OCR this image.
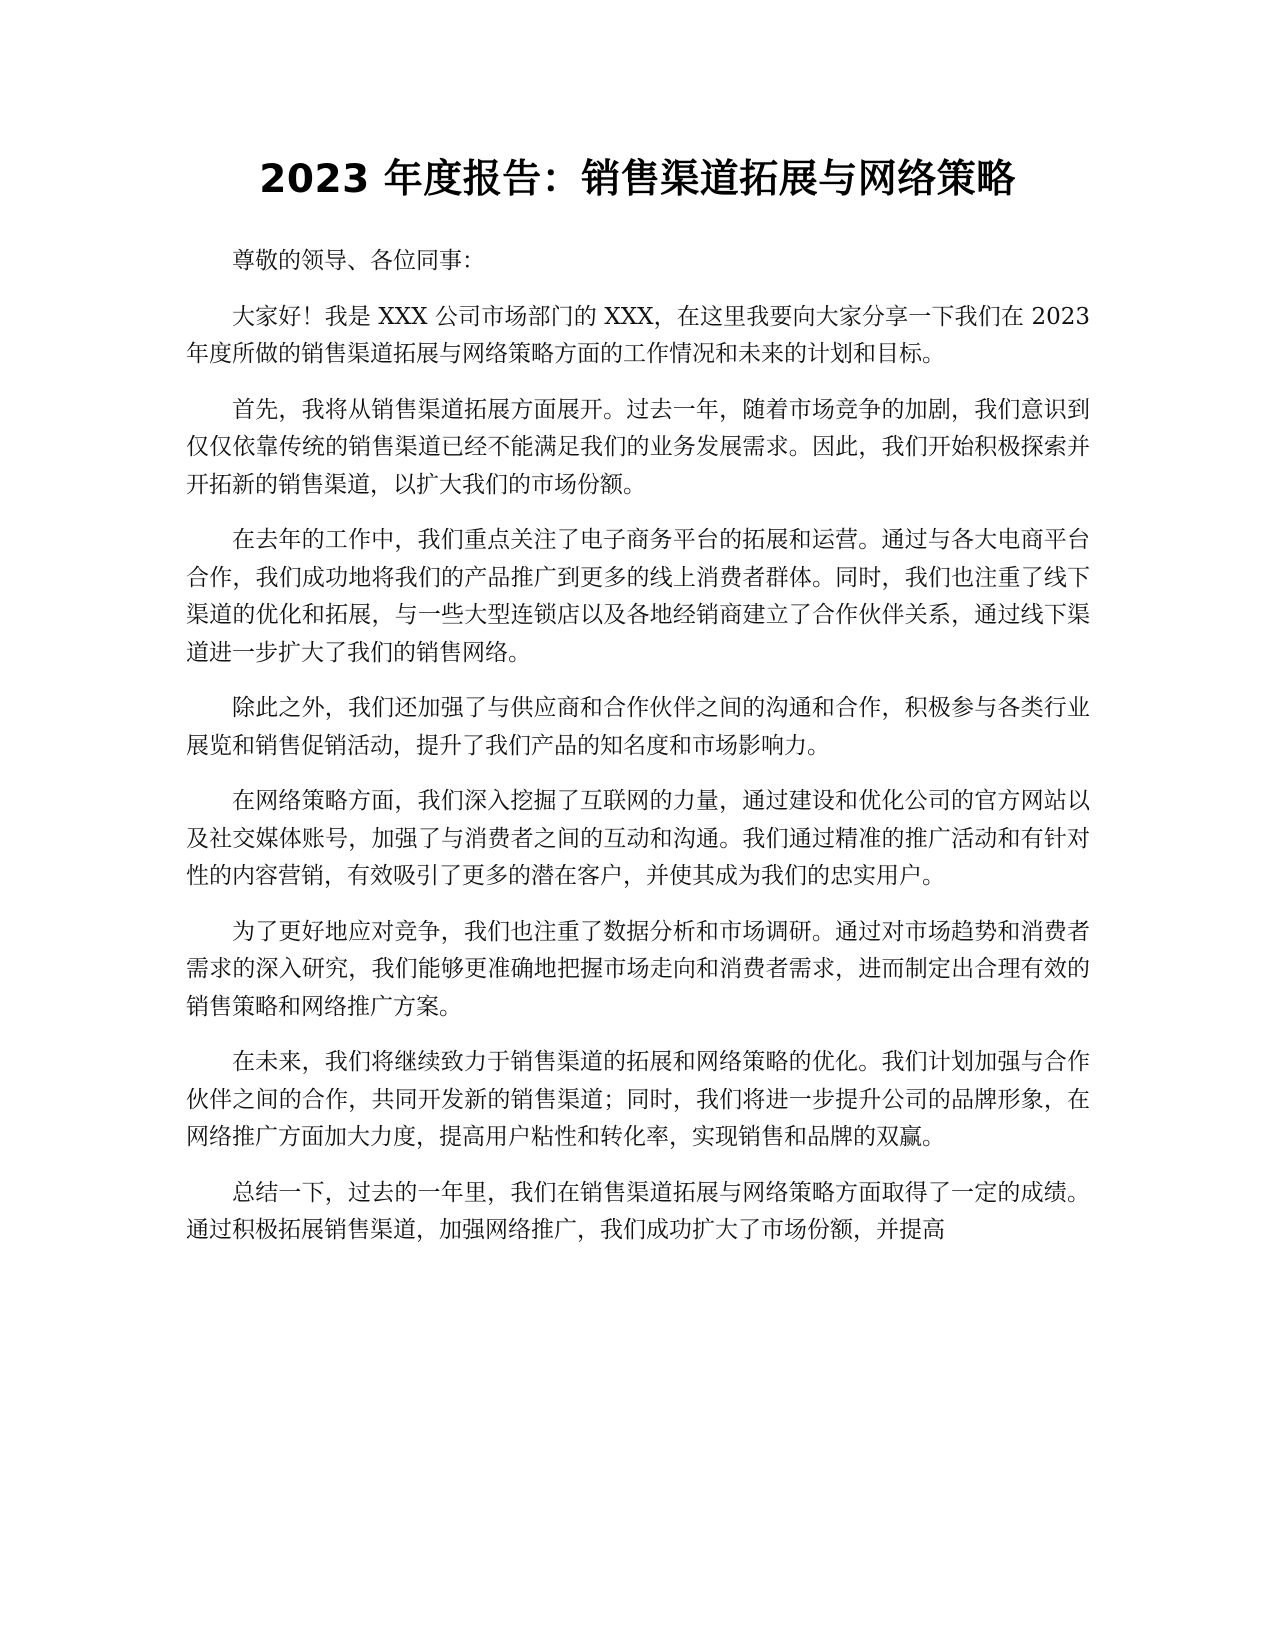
2023 年度报告：销售渠道拓展与网络策略

尊敬的领导、各位同事：

大家好！我是 XXX 公司市场部门的 XXX，在这里我要向大家分享一下我们在 2023 年度所做的销售渠道拓展与网络策略方面的工作情况和未来的计划和目标。

首先，我将从销售渠道拓展方面展开。过去一年，随着市场竞争的加剧，我们意识到仅仅依靠传统的销售渠道已经不能满足我们的业务发展需求。因此，我们开始积极探索并开拓新的销售渠道，以扩大我们的市场份额。

在去年的工作中，我们重点关注了电子商务平台的拓展和运营。通过与各大电商平台合作，我们成功地将我们的产品推广到更多的线上消费者群体。同时，我们也注重了线下渠道的优化和拓展，与一些大型连锁店以及各地经销商建立了合作伙伴关系，通过线下渠道进一步扩大了我们的销售网络。

除此之外，我们还加强了与供应商和合作伙伴之间的沟通和合作，积极参与各类行业展览和销售促销活动，提升了我们产品的知名度和市场影响力。

在网络策略方面，我们深入挖掘了互联网的力量，通过建设和优化公司的官方网站以及社交媒体账号，加强了与消费者之间的互动和沟通。我们通过精准的推广活动和有针对性的内容营销，有效吸引了更多的潜在客户，并使其成为我们的忠实用户。

为了更好地应对竞争，我们也注重了数据分析和市场调研。通过对市场趋势和消费者需求的深入研究，我们能够更准确地把握市场走向和消费者需求，进而制定出合理有效的销售策略和网络推广方案。

在未来，我们将继续致力于销售渠道的拓展和网络策略的优化。我们计划加强与合作伙伴之间的合作，共同开发新的销售渠道；同时，我们将进一步提升公司的品牌形象，在网络推广方面加大力度，提高用户粘性和转化率，实现销售和品牌的双赢。

总结一下，过去的一年里，我们在销售渠道拓展与网络策略方面取得了一定的成绩。通过积极拓展销售渠道，加强网络推广，我们成功扩大了市场份额，并提高
